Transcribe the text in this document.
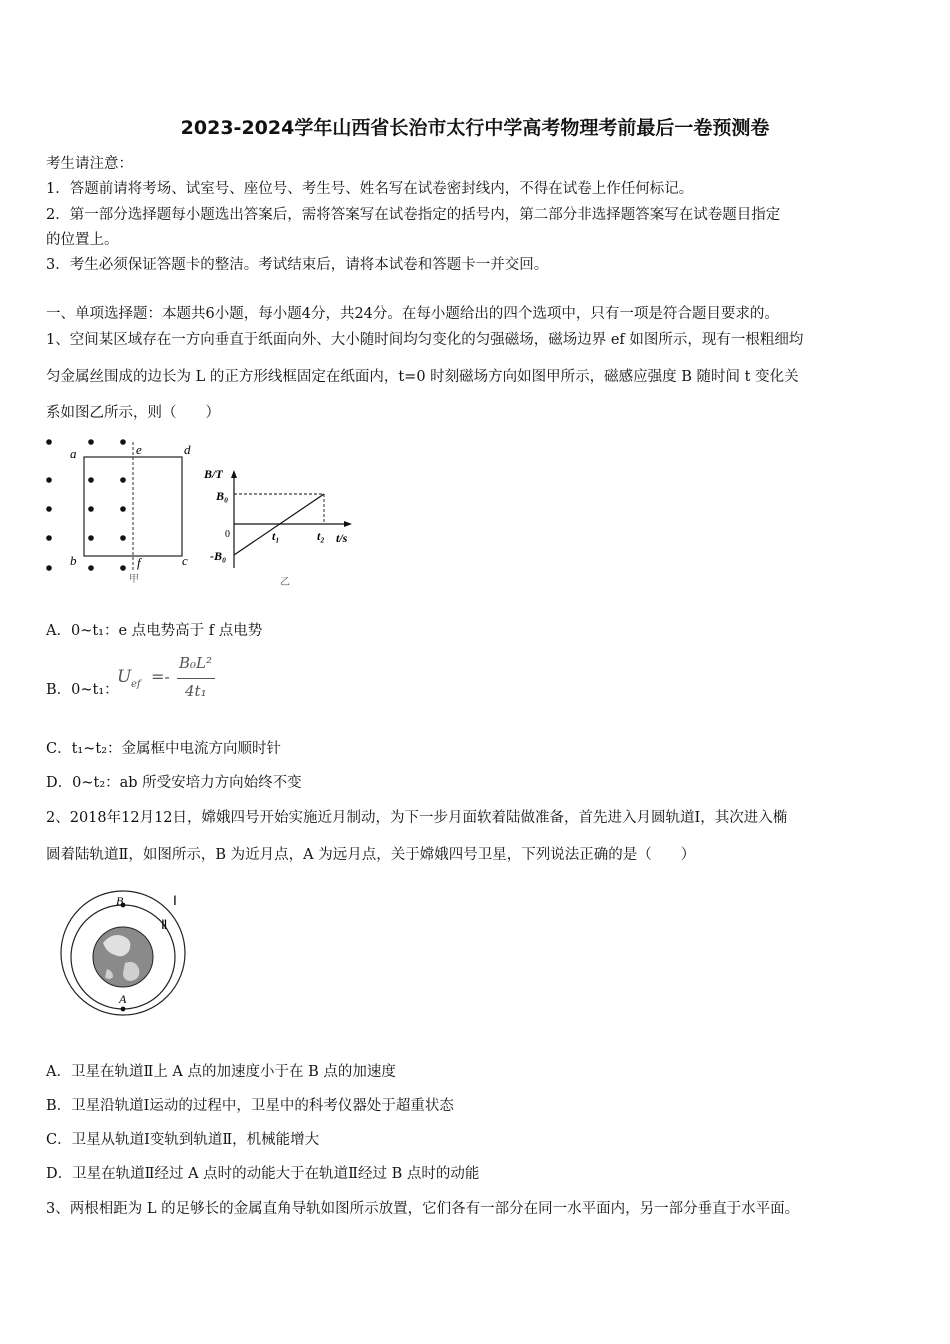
2023-2024学年山西省长治市太行中学高考物理考前最后一卷预测卷
考生请注意：
1．答题前请将考场、试室号、座位号、考生号、姓名写在试卷密封线内，不得在试卷上作任何标记。
2．第一部分选择题每小题选出答案后，需将答案写在试卷指定的括号内，第二部分非选择题答案写在试卷题目指定
的位置上。
3．考生必须保证答题卡的整洁。考试结束后，请将本试卷和答题卡一并交回。
一、单项选择题：本题共6小题，每小题4分，共24分。在每小题给出的四个选项中，只有一项是符合题目要求的。
1、空间某区域存在一方向垂直于纸面向外、大小随时间均匀变化的匀强磁场，磁场边界 ef 如图所示，现有一根粗细均
匀金属丝围成的边长为 L 的正方形线框固定在纸面内，t=0 时刻磁场方向如图甲所示，磁感应强度 B 随时间 t 变化关
系如图乙所示，则（　　）
a	e	d
b	f	c
甲
B/T
B₀
0	t₁	t₂ t/s
-B₀
乙
A．0~t₁：e 点电势高于 f 点电势
B．0~t₁：
U ef =-
B₀L²
4t₁
C．t₁~t₂：金属框中电流方向顺时针
D．0~t₂：ab 所受安培力方向始终不变
2、2018年12月12日，嫦娥四号开始实施近月制动，为下一步月面软着陆做准备，首先进入月圆轨道Ⅰ，其次进入椭
圆着陆轨道Ⅱ，如图所示，B 为近月点，A 为远月点，关于嫦娥四号卫星，下列说法正确的是（　　）
B
A
Ⅰ
Ⅱ
A．卫星在轨道Ⅱ上 A 点的加速度小于在 B 点的加速度
B．卫星沿轨道Ⅰ运动的过程中，卫星中的科考仪器处于超重状态
C．卫星从轨道Ⅰ变轨到轨道Ⅱ，机械能增大
D．卫星在轨道Ⅱ经过 A 点时的动能大于在轨道Ⅱ经过 B 点时的动能
3、两根相距为 L 的足够长的金属直角导轨如图所示放置，它们各有一部分在同一水平面内，另一部分垂直于水平面。
